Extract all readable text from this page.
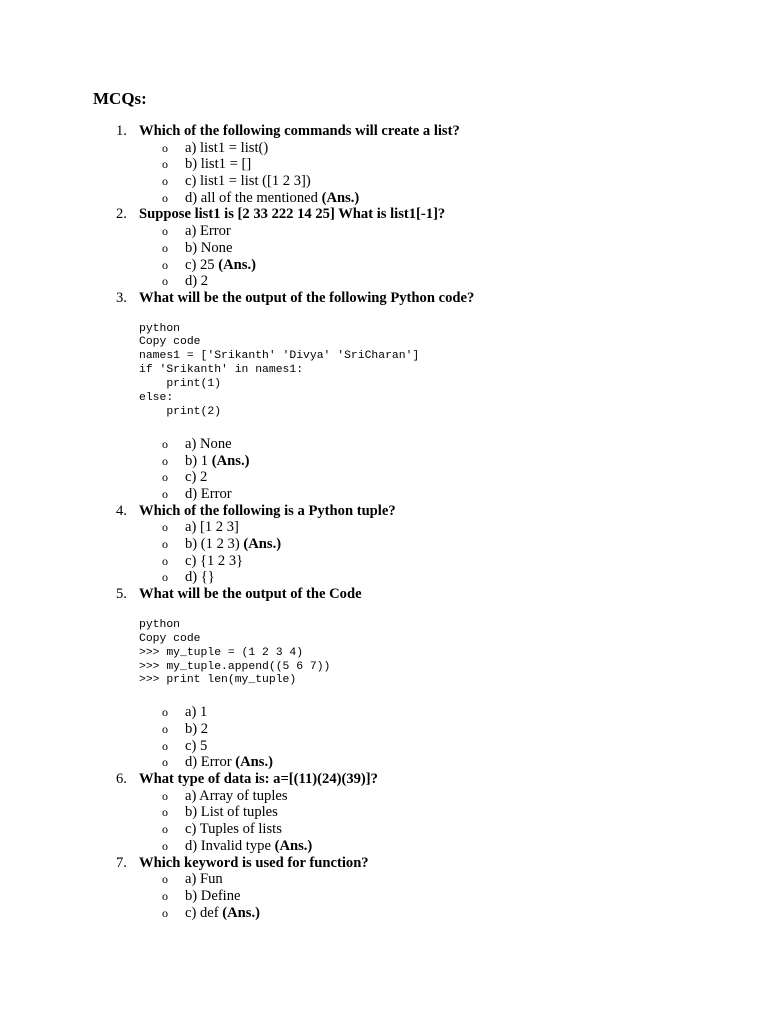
MCQs:
Which of the following commands will create a list?
1.
o a) list1 = list()
o b) list1 = []
o c) list1 = list ([1 2 3])
o d) all of the mentioned (Ans.)
Suppose list1 is [2 33 222 14 25] What is list1[-1]?
2.
o a) Error
o b) None
o c) 25 (Ans.)
o d) 2
What will be the output of the following Python code?
3.
python
Copy code
names1 = ['Srikanth' 'Divya' 'SriCharan']
if 'Srikanth' in names1:
print(1)
else:
print(2)
o a) None
o b) 1 (Ans.)
o c) 2
o d) Error
Which of the following is a Python tuple?
4.
o a) [1 2 3]
o b) (1 2 3) (Ans.)
o c) {1 2 3}
o d) {}
What will be the output of the Code
5.
python
Copy code
>>> my_tuple = (1 2 3 4)
>>> my_tuple.append((5 6 7))
>>> print len(my_tuple)
o a) 1
o b) 2
o c) 5
o d) Error (Ans.)
What type of data is: a=[(11)(24)(39)]?
6.
o a) Array of tuples
o b) List of tuples
o c) Tuples of lists
o d) Invalid type (Ans.)
Which keyword is used for function?
7.
o a) Fun
o b) Define
o c) def (Ans.)
